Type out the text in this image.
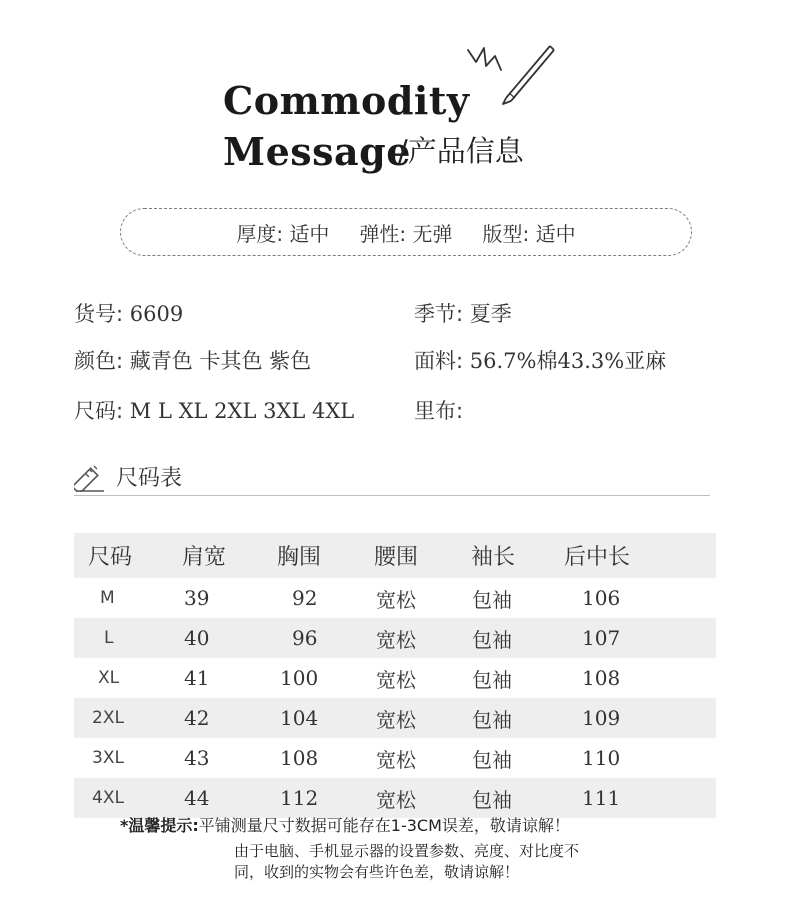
Commodity
Message
/产品信息
厚度: 适中 弹性: 无弹 版型: 适中
货号: 6609	季节: 夏季
颜色: 藏青色 卡其色 紫色	面料: 56.7%棉43.3%亚麻
尺码: M L XL 2XL 3XL 4XL	里布:
尺码表
尺码 肩宽 胸围 腰围 袖长 后中长
M	39	92	宽松	包袖	106
L	40	96	宽松	包袖	107
XL	41	100	宽松	包袖	108
2XL	42	104	宽松	包袖	109
3XL	43	108	宽松	包袖	110
4XL	44	112	宽松	包袖	111
*温馨提示:平铺测量尺寸数据可能存在1-3CM误差，敬请谅解！
由于电脑、手机显示器的设置参数、亮度、对比度不
同，收到的实物会有些许色差，敬请谅解！
